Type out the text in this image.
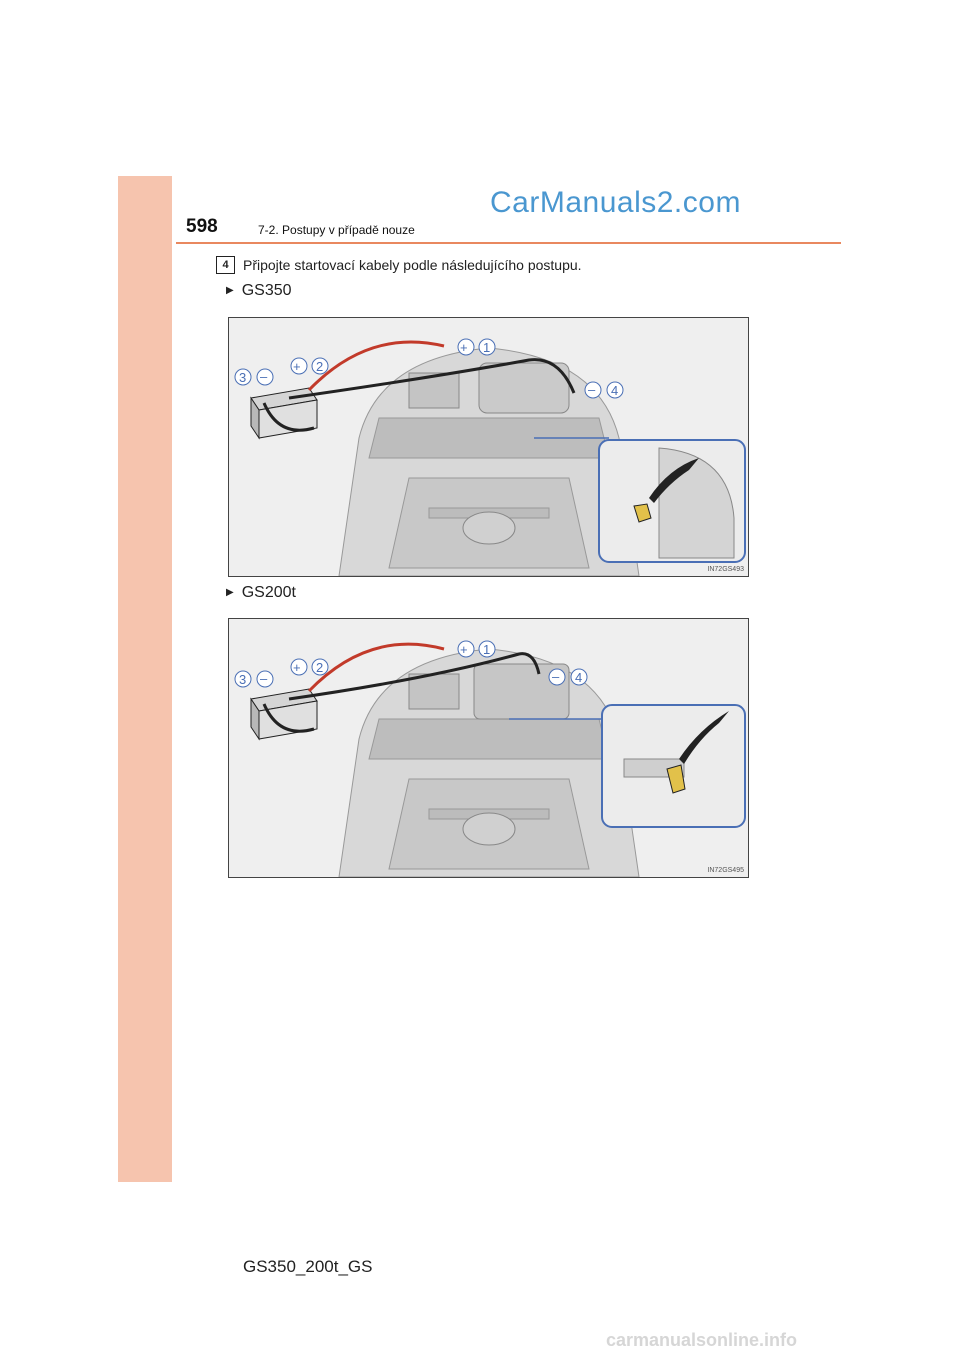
598	7-2. Postupy v případě nouze
CarManuals2.com
4	Připojte startovací kabely podle následujícího postupu.
▶ GS350
+ 1
+ 2
3 –
– 4
IN72GS493
▶ GS200t
+ 1
+ 2
3 –	– 4
IN72GS495
GS350_200t_GS
carmanualsonline.info
